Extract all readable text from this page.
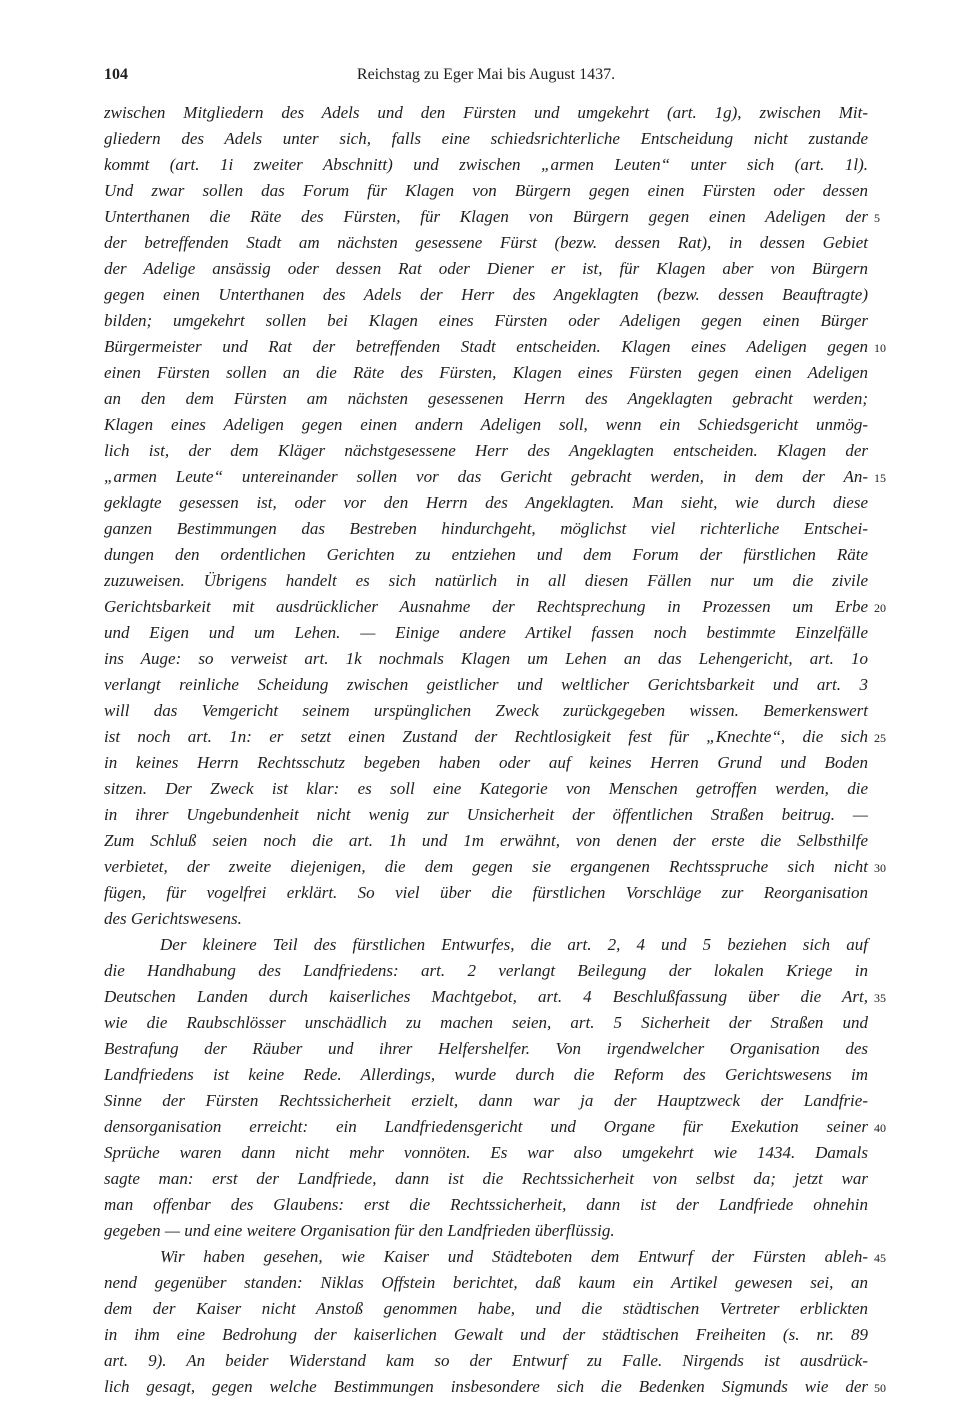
104	Reichstag zu Eger Mai bis August 1437.
zwischen Mitgliedern des Adels und den Fürsten und umgekehrt (art. 1g), zwischen Mit-
gliedern des Adels unter sich, falls eine schiedsrichterliche Entscheidung nicht zustande
kommt (art. 1i zweiter Abschnitt) und zwischen „armen Leuten“ unter sich (art. 1l).
Und zwar sollen das Forum für Klagen von Bürgern gegen einen Fürsten oder dessen
Unterthanen die Räte des Fürsten, für Klagen von Bürgern gegen einen Adeligen der 5
der betreffenden Stadt am nächsten gesessene Fürst (bezw. dessen Rat), in dessen Gebiet
der Adelige ansässig oder dessen Rat oder Diener er ist, für Klagen aber von Bürgern
gegen einen Unterthanen des Adels der Herr des Angeklagten (bezw. dessen Beauftragte)
bilden; umgekehrt sollen bei Klagen eines Fürsten oder Adeligen gegen einen Bürger
Bürgermeister und Rat der betreffenden Stadt entscheiden. Klagen eines Adeligen gegen 10
einen Fürsten sollen an die Räte des Fürsten, Klagen eines Fürsten gegen einen Adeligen
an den dem Fürsten am nächsten gesessenen Herrn des Angeklagten gebracht werden;
Klagen eines Adeligen gegen einen andern Adeligen soll, wenn ein Schiedsgericht unmög-
lich ist, der dem Kläger nächstgesessene Herr des Angeklagten entscheiden. Klagen der
„armen Leute“ untereinander sollen vor das Gericht gebracht werden, in dem der An- 15
geklagte gesessen ist, oder vor den Herrn des Angeklagten. Man sieht, wie durch diese
ganzen Bestimmungen das Bestreben hindurchgeht, möglichst viel richterliche Entschei-
dungen den ordentlichen Gerichten zu entziehen und dem Forum der fürstlichen Räte
zuzuweisen. Übrigens handelt es sich natürlich in all diesen Fällen nur um die zivile
Gerichtsbarkeit mit ausdrücklicher Ausnahme der Rechtsprechung in Prozessen um Erbe 20
und Eigen und um Lehen. — Einige andere Artikel fassen noch bestimmte Einzelfälle
ins Auge: so verweist art. 1k nochmals Klagen um Lehen an das Lehengericht, art. 1o
verlangt reinliche Scheidung zwischen geistlicher und weltlicher Gerichtsbarkeit und art. 3
will das Vemgericht seinem urspünglichen Zweck zurückgegeben wissen. Bemerkenswert
ist noch art. 1n: er setzt einen Zustand der Rechtlosigkeit fest für „Knechte“, die sich 25
in keines Herrn Rechtsschutz begeben haben oder auf keines Herren Grund und Boden
sitzen. Der Zweck ist klar: es soll eine Kategorie von Menschen getroffen werden, die
in ihrer Ungebundenheit nicht wenig zur Unsicherheit der öffentlichen Straßen beitrug. —
Zum Schluß seien noch die art. 1h und 1m erwähnt, von denen der erste die Selbsthilfe
verbietet, der zweite diejenigen, die dem gegen sie ergangenen Rechtsspruche sich nicht 30
fügen, für vogelfrei erklärt. So viel über die fürstlichen Vorschläge zur Reorganisation
des Gerichtswesens.
Der kleinere Teil des fürstlichen Entwurfes, die art. 2, 4 und 5 beziehen sich auf
die Handhabung des Landfriedens: art. 2 verlangt Beilegung der lokalen Kriege in
Deutschen Landen durch kaiserliches Machtgebot, art. 4 Beschlußfassung über die Art, 35
wie die Raubschlösser unschädlich zu machen seien, art. 5 Sicherheit der Straßen und
Bestrafung der Räuber und ihrer Helfershelfer. Von irgendwelcher Organisation des
Landfriedens ist keine Rede. Allerdings, wurde durch die Reform des Gerichtswesens im
Sinne der Fürsten Rechtssicherheit erzielt, dann war ja der Hauptzweck der Landfrie-
densorganisation erreicht: ein Landfriedensgericht und Organe für Exekution seiner 40
Sprüche waren dann nicht mehr vonnöten. Es war also umgekehrt wie 1434. Damals
sagte man: erst der Landfriede, dann ist die Rechtssicherheit von selbst da; jetzt war
man offenbar des Glaubens: erst die Rechtssicherheit, dann ist der Landfriede ohnehin
gegeben — und eine weitere Organisation für den Landfrieden überflüssig.
Wir haben gesehen, wie Kaiser und Städteboten dem Entwurf der Fürsten ableh- 45
nend gegenüber standen: Niklas Offstein berichtet, daß kaum ein Artikel gewesen sei, an
dem der Kaiser nicht Anstoß genommen habe, und die städtischen Vertreter erblickten
in ihm eine Bedrohung der kaiserlichen Gewalt und der städtischen Freiheiten (s. nr. 89
art. 9). An beider Widerstand kam so der Entwurf zu Falle. Nirgends ist ausdrück-
lich gesagt, gegen welche Bestimmungen insbesondere sich die Bedenken Sigmunds wie der 50
